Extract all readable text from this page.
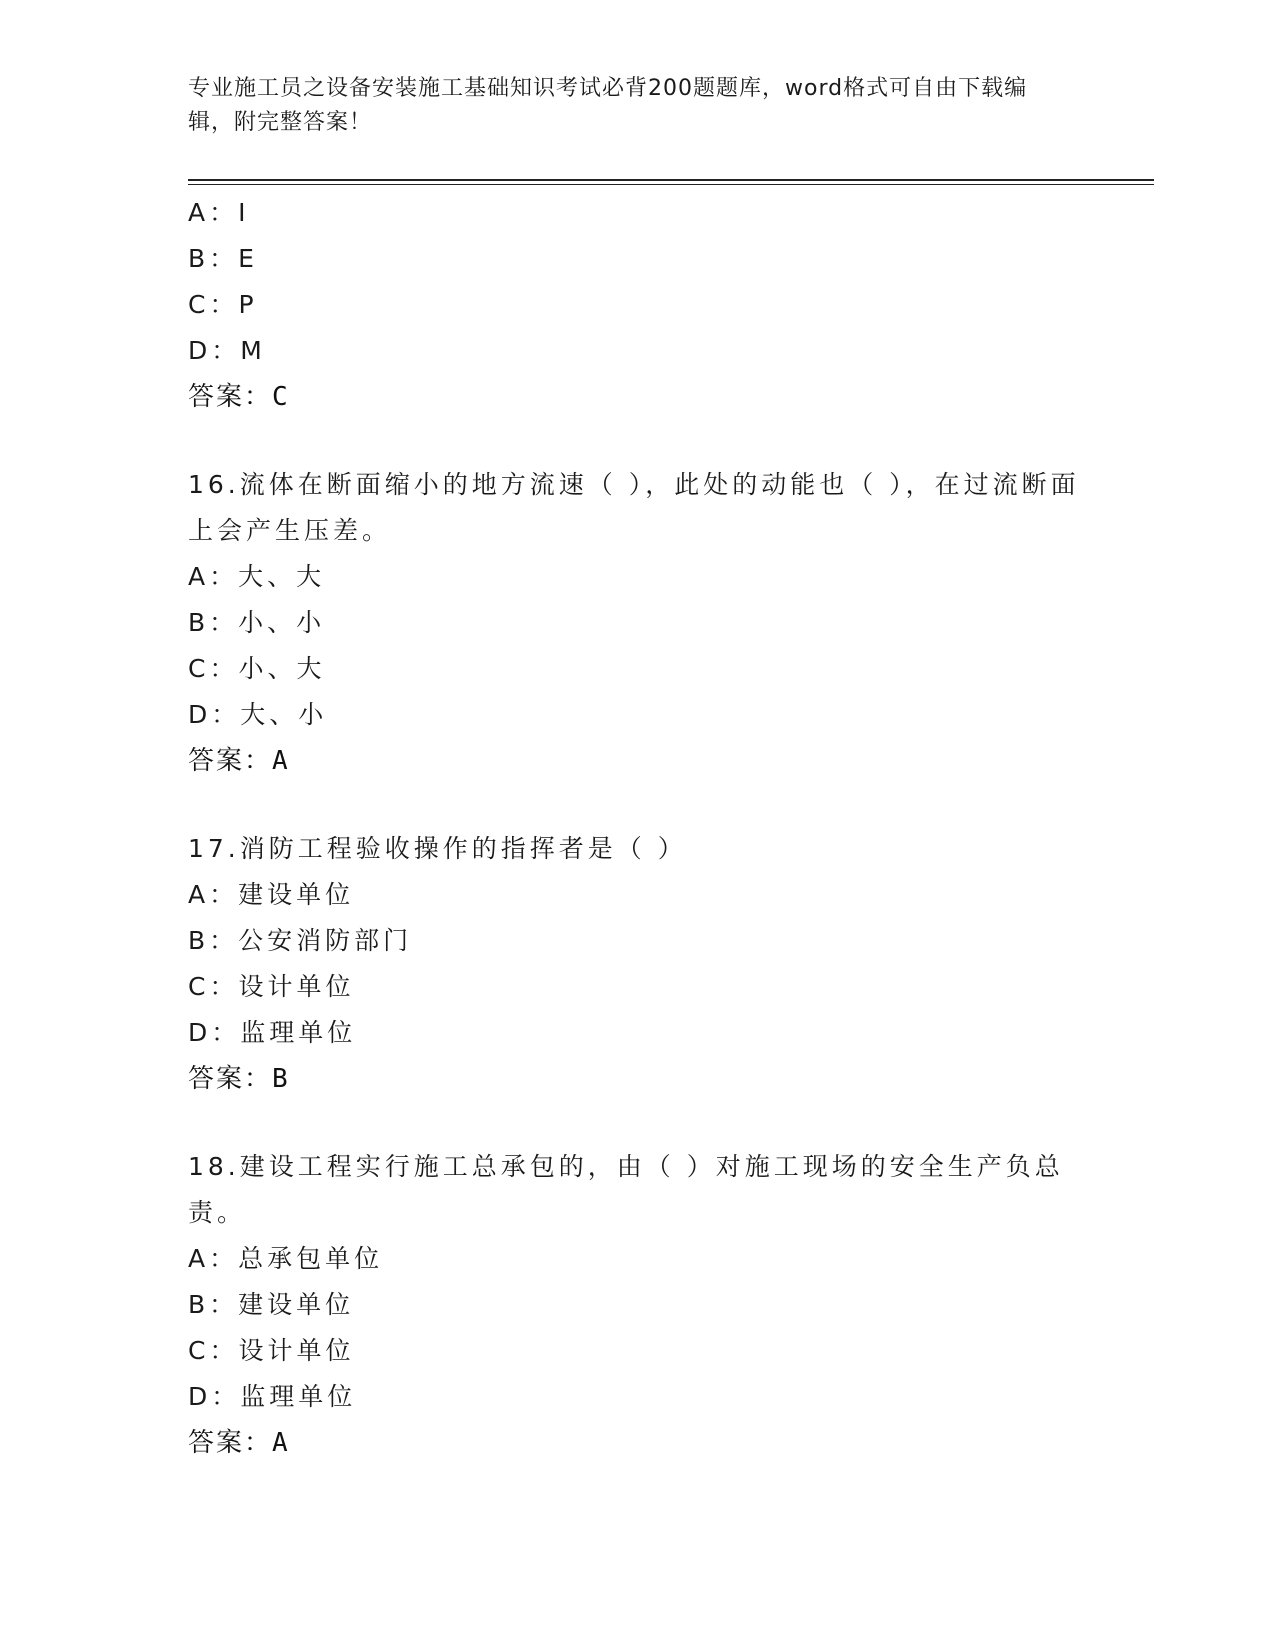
专业施工员之设备安装施工基础知识考试必背200题题库，word格式可自由下载编辑，附完整答案！
A：I
B：E
C：P
D：M
答案：C
16.流体在断面缩小的地方流速（ ），此处的动能也（ ），在过流断面上会产生压差。
A：大、大
B：小、小
C：小、大
D：大、小
答案：A
17.消防工程验收操作的指挥者是（ ）
A：建设单位
B：公安消防部门
C：设计单位
D：监理单位
答案：B
18.建设工程实行施工总承包的，由（ ）对施工现场的安全生产负总责。
A：总承包单位
B：建设单位
C：设计单位
D：监理单位
答案：A
